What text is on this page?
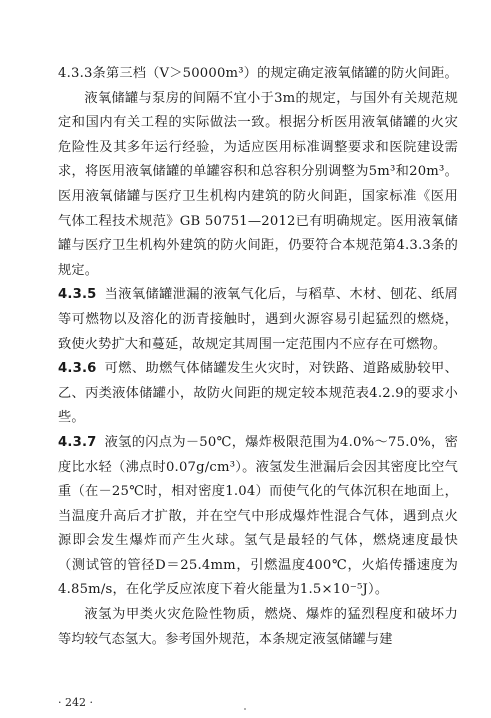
4.3.3条第三档（V＞50000m³）的规定确定液氧储罐的防火间距。

液氧储罐与泵房的间隔不宜小于3m的规定，与国外有关规范规定和国内有关工程的实际做法一致。根据分析医用液氧储罐的火灾危险性及其多年运行经验，为适应医用标准调整要求和医院建设需求，将医用液氧储罐的单罐容积和总容积分别调整为5m³和20m³。医用液氧储罐与医疗卫生机构内建筑的防火间距，国家标准《医用气体工程技术规范》GB 50751—2012已有明确规定。医用液氧储罐与医疗卫生机构外建筑的防火间距，仍要符合本规范第4.3.3条的规定。

4.3.5 当液氧储罐泄漏的液氧气化后，与稻草、木材、刨花、纸屑等可燃物以及溶化的沥青接触时，遇到火源容易引起猛烈的燃烧，致使火势扩大和蔓延，故规定其周围一定范围内不应存在可燃物。

4.3.6 可燃、助燃气体储罐发生火灾时，对铁路、道路威胁较甲、乙、丙类液体储罐小，故防火间距的规定较本规范表4.2.9的要求小些。

4.3.7 液氢的闪点为－50℃，爆炸极限范围为4.0%～75.0%，密度比水轻（沸点时0.07g/cm³）。液氢发生泄漏后会因其密度比空气重（在－25℃时，相对密度1.04）而使气化的气体沉积在地面上，当温度升高后才扩散，并在空气中形成爆炸性混合气体，遇到点火源即会发生爆炸而产生火球。氢气是最轻的气体，燃烧速度最快（测试管的管径D＝25.4mm，引燃温度400℃，火焰传播速度为4.85m/s，在化学反应浓度下着火能量为1.5×10⁻⁵J）。

液氢为甲类火灾危险性物质，燃烧、爆炸的猛烈程度和破坏力等均较气态氢大。参考国外规范，本条规定液氢储罐与建

· 242 ·
